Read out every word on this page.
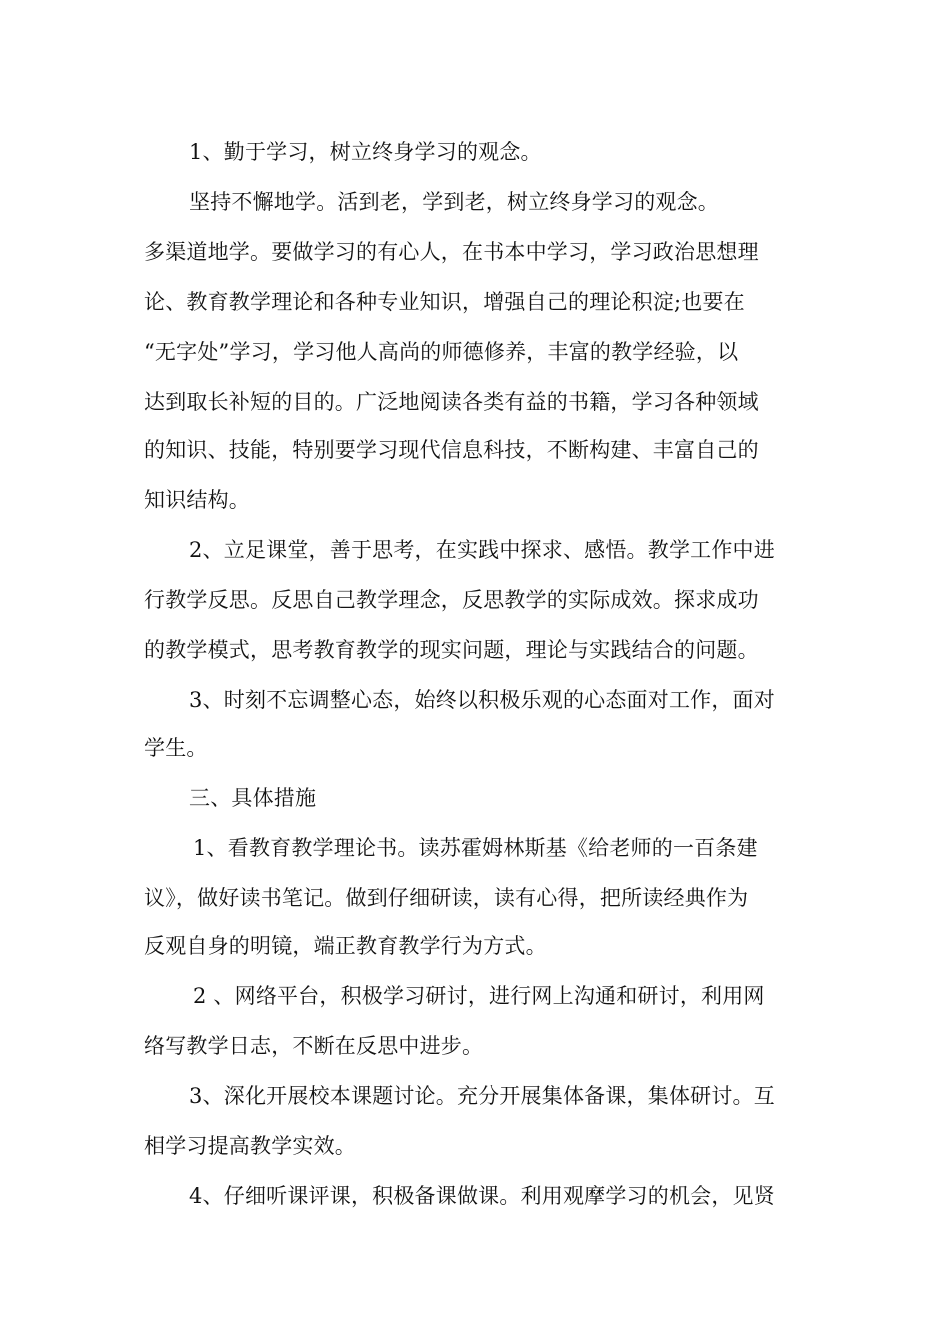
1、勤于学习，树立终身学习的观念。
坚持不懈地学。活到老，学到老，树立终身学习的观念。
多渠道地学。要做学习的有心人，在书本中学习，学习政治思想理
论、教育教学理论和各种专业知识，增强自己的理论积淀;也要在
“无字处”学习，学习他人高尚的师德修养，丰富的教学经验，以
达到取长补短的目的。广泛地阅读各类有益的书籍，学习各种领域
的知识、技能，特别要学习现代信息科技，不断构建、丰富自己的
知识结构。
2、立足课堂，善于思考，在实践中探求、感悟。教学工作中进
行教学反思。反思自己教学理念，反思教学的实际成效。探求成功
的教学模式，思考教育教学的现实问题，理论与实践结合的问题。
3、时刻不忘调整心态，始终以积极乐观的心态面对工作，面对
学生。
三、具体措施
1、看教育教学理论书。读苏霍姆林斯基《给老师的一百条建
议》，做好读书笔记。做到仔细研读，读有心得，把所读经典作为
反观自身的明镜，端正教育教学行为方式。
2 、网络平台，积极学习研讨，进行网上沟通和研讨，利用网
络写教学日志，不断在反思中进步。
3、深化开展校本课题讨论。充分开展集体备课，集体研讨。互
相学习提高教学实效。
4、仔细听课评课，积极备课做课。利用观摩学习的机会，见贤
